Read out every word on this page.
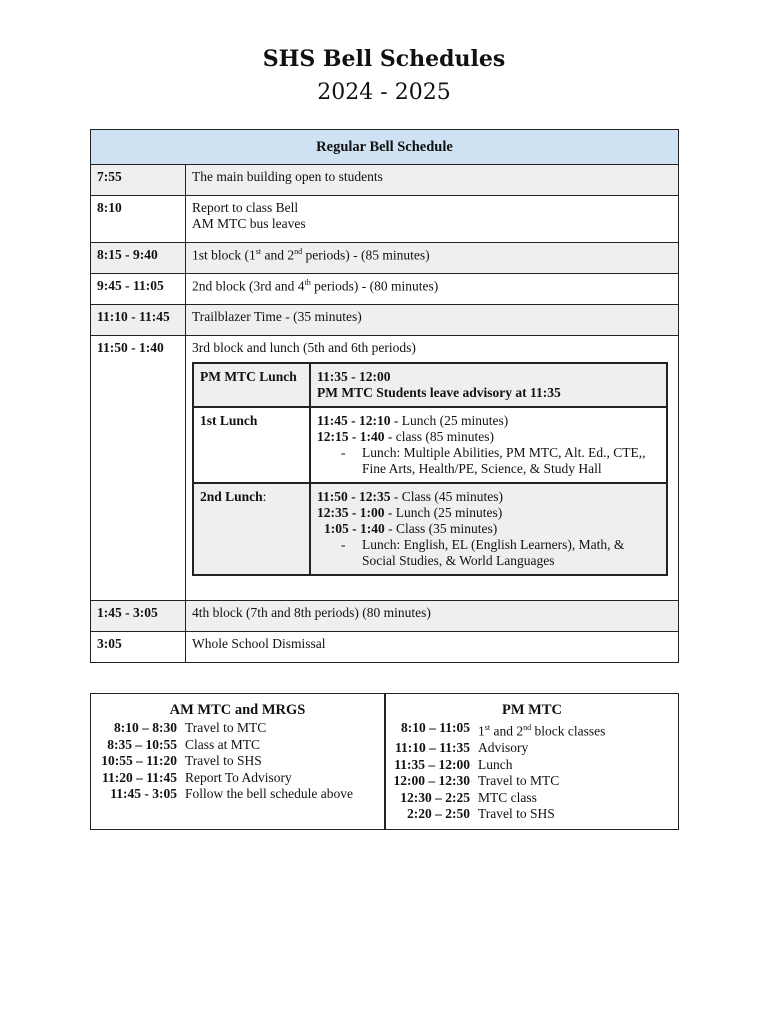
SHS Bell Schedules
2024 - 2025
Regular Bell Schedule
7:55	The main building open to students
8:10	Report to class Bell
AM MTC bus leaves

8:15 - 9:40	1st block (1st and 2nd periods) - (85 minutes)
9:45 - 11:05	2nd block (3rd and 4th periods) - (80 minutes)
11:10 - 11:45	Trailblazer Time - (35 minutes)
11:50 - 1:40	3rd block and lunch (5th and 6th periods)
PM MTC Lunch	11:35 - 12:00
PM MTC Students leave advisory at 11:35

1st Lunch	11:45 - 12:10 - Lunch (25 minutes)
12:15 - 1:40 - class (85 minutes)
-	Lunch: Multiple Abilities, PM MTC, Alt. Ed., CTE,, Fine Arts, Health/PE, Science, & Study Hall

2nd Lunch:	11:50 - 12:35 - Class (45 minutes)
12:35 - 1:00 - Lunch (25 minutes)
1:05 - 1:40 - Class (35 minutes)
-	Lunch: English, EL (English Learners), Math, & Social Studies, & World Languages

1:45 - 3:05	4th block (7th and 8th periods) (80 minutes)
3:05	Whole School Dismissal
AM MTC and MRGS
8:10 – 8:30 Travel to MTC
8:35 – 10:55 Class at MTC
10:55 – 11:20 Travel to SHS
11:20 – 11:45 Report To Advisory
11:45 - 3:05 Follow the bell schedule above

PM MTC
8:10 – 11:05 1st and 2nd block classes
11:10 – 11:35 Advisory
11:35 – 12:00 Lunch
12:00 – 12:30 Travel to MTC
12:30 – 2:25 MTC class
2:20 – 2:50 Travel to SHS
